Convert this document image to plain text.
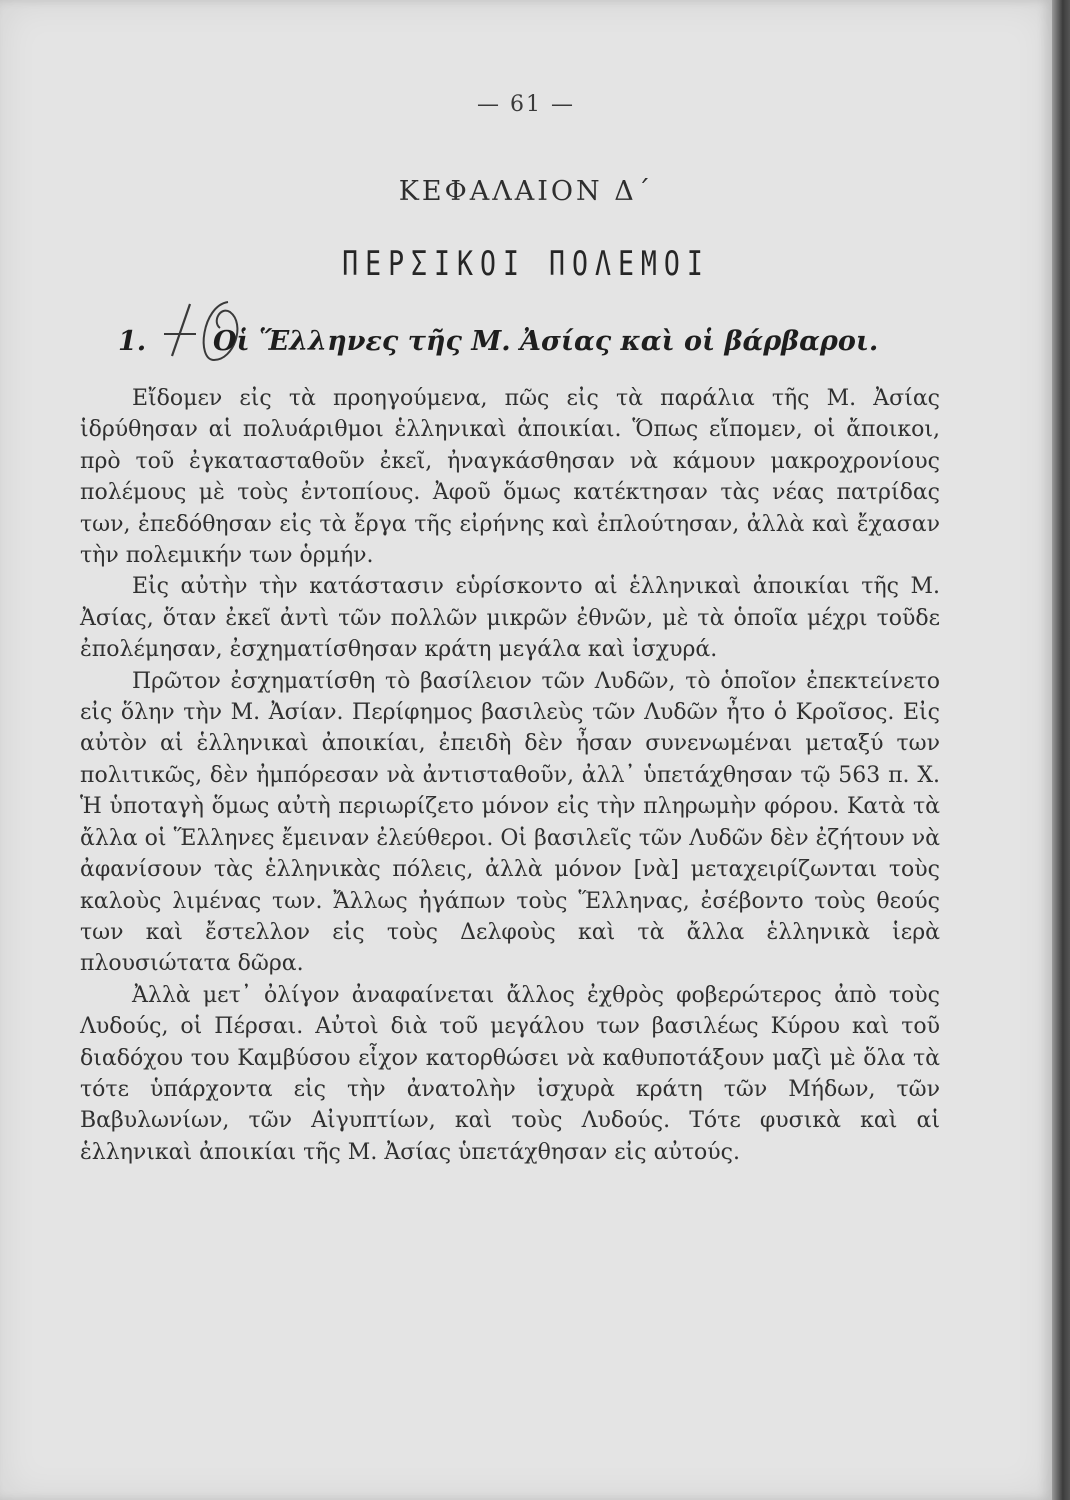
— 61 —
ΚΕΦΑΛΑΙΟΝ Δ΄
ΠΕΡΣΙΚΟΙ ΠΟΛΕΜΟΙ
1. Οἱ Ἕλληνες τῆς Μ. Ἀσίας καὶ οἱ βάρβαροι.

Εἴδομεν εἰς τὰ προηγούμενα, πῶς εἰς τὰ παράλια τῆς Μ. Ἀσίας ἱδρύθησαν αἱ πολυάριθμοι ἑλληνικαὶ ἀποικίαι. Ὅπως εἴπομεν, οἱ ἄποικοι, πρὸ τοῦ ἐγκατασταθοῦν ἐκεῖ, ἠναγκάσθησαν νὰ κάμουν μακροχρονίους πολέμους μὲ τοὺς ἐντοπίους. Ἀφοῦ ὅμως κατέκτησαν τὰς νέας πατρίδας των, ἐπεδόθησαν εἰς τὰ ἔργα τῆς εἰρήνης καὶ ἐπλούτησαν, ἀλλὰ καὶ ἔχασαν τὴν πολεμικήν των ὁρμήν.

Εἰς αὐτὴν τὴν κατάστασιν εὑρίσκοντο αἱ ἑλληνικαὶ ἀποικίαι τῆς Μ. Ἀσίας, ὅταν ἐκεῖ ἀντὶ τῶν πολλῶν μικρῶν ἐθνῶν, μὲ τὰ ὁποῖα μέχρι τοῦδε ἐπολέμησαν, ἐσχηματίσθησαν κράτη μεγάλα καὶ ἰσχυρά.

Πρῶτον ἐσχηματίσθη τὸ βασίλειον τῶν Λυδῶν, τὸ ὁποῖον ἐπεκτείνετο εἰς ὅλην τὴν Μ. Ἀσίαν. Περίφημος βασιλεὺς τῶν Λυδῶν ἦτο ὁ Κροῖσος. Εἰς αὐτὸν αἱ ἑλληνικαὶ ἀποικίαι, ἐπειδὴ δὲν ἦσαν συνενωμέναι μεταξύ των πολιτικῶς, δὲν ἠμπόρεσαν νὰ ἀντισταθοῦν, ἀλλ᾽ ὑπετάχθησαν τῷ 563 π. Χ. Ἡ ὑποταγὴ ὅμως αὐτὴ περιωρίζετο μόνον εἰς τὴν πληρωμὴν φόρου. Κατὰ τὰ ἄλλα οἱ Ἕλληνες ἔμειναν ἐλεύθεροι. Οἱ βασιλεῖς τῶν Λυδῶν δὲν ἐζήτουν νὰ ἀφανίσουν τὰς ἑλληνικὰς πόλεις, ἀλλὰ μόνον [νὰ] μεταχειρίζωνται τοὺς καλοὺς λιμένας των. Ἄλλως ἠγάπων τοὺς Ἕλληνας, ἐσέβοντο τοὺς θεούς των καὶ ἔστελλον εἰς τοὺς Δελφοὺς καὶ τὰ ἄλλα ἑλληνικὰ ἱερὰ πλουσιώτατα δῶρα.

Ἀλλὰ μετ᾽ ὀλίγον ἀναφαίνεται ἄλλος ἐχθρὸς φοβερώτερος ἀπὸ τοὺς Λυδούς, οἱ Πέρσαι. Αὐτοὶ διὰ τοῦ μεγάλου των βασιλέως Κύρου καὶ τοῦ διαδόχου του Καμβύσου εἶχον κατορθώσει νὰ καθυποτάξουν μαζὶ μὲ ὅλα τὰ τότε ὑπάρχοντα εἰς τὴν ἀνατολὴν ἰσχυρὰ κράτη τῶν Μήδων, τῶν Βαβυλωνίων, τῶν Αἰγυπτίων, καὶ τοὺς Λυδούς. Τότε φυσικὰ καὶ αἱ ἑλληνικαὶ ἀποικίαι τῆς Μ. Ἀσίας ὑπετάχθησαν εἰς αὐτούς.
